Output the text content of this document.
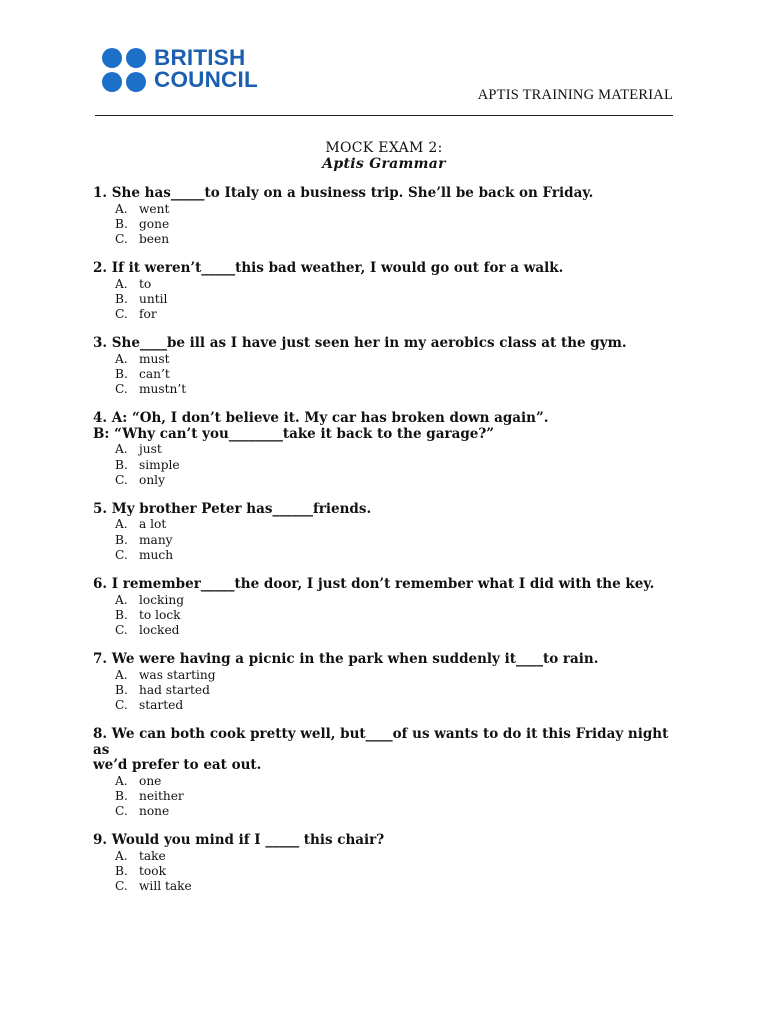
BRITISH
COUNCIL
APTIS TRAINING MATERIAL
MOCK EXAM 2:
Aptis Grammar
1. She has_____to Italy on a business trip. She’ll be back on Friday.
A. went
B. gone
C. been
2. If it weren’t_____this bad weather, I would go out for a walk.
A. to
B. until
C. for
3. She____be ill as I have just seen her in my aerobics class at the gym.
A. must
B. can’t
C. mustn’t
4. A: “Oh, I don’t believe it. My car has broken down again”.
B: “Why can’t you________take it back to the garage?”
A. just
B. simple
C. only
5. My brother Peter has______friends.
A. a lot
B. many
C. much
6. I remember_____the door, I just don’t remember what I did with the key.
A. locking
B. to lock
C. locked
7. We were having a picnic in the park when suddenly it____to rain.
A. was starting
B. had started
C. started
8. We can both cook pretty well, but____of us wants to do it this Friday night as
we’d prefer to eat out.
A. one
B. neither
C. none
9. Would you mind if I _____ this chair?
A. take
B. took
C. will take
